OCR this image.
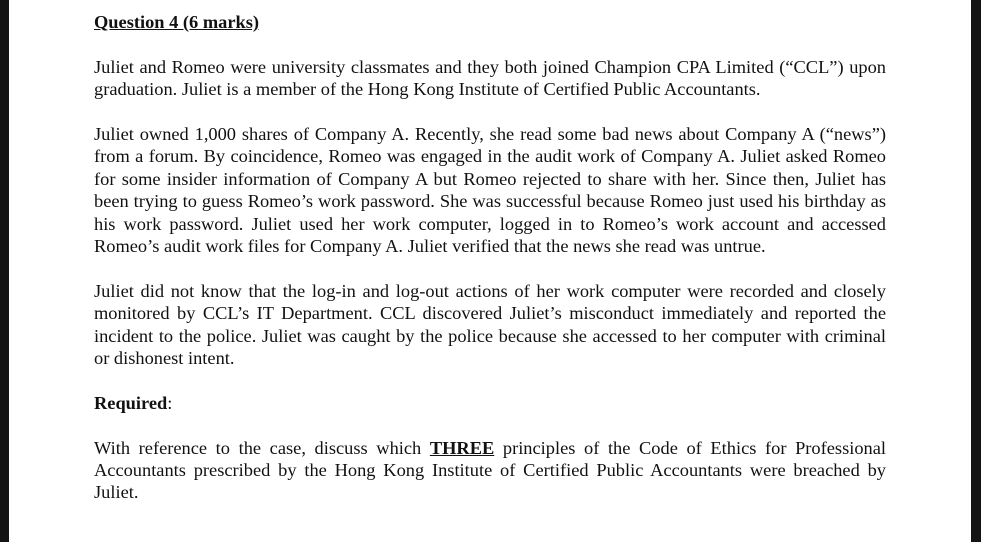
Question 4 (6 marks)

Juliet and Romeo were university classmates and they both joined Champion CPA Limited (“CCL”) upon graduation. Juliet is a member of the Hong Kong Institute of Certified Public Accountants.

Juliet owned 1,000 shares of Company A. Recently, she read some bad news about Company A (“news”) from a forum. By coincidence, Romeo was engaged in the audit work of Company A. Juliet asked Romeo for some insider information of Company A but Romeo rejected to share with her. Since then, Juliet has been trying to guess Romeo’s work password. She was successful because Romeo just used his birthday as his work password. Juliet used her work computer, logged in to Romeo’s work account and accessed Romeo’s audit work files for Company A. Juliet verified that the news she read was untrue.

Juliet did not know that the log-in and log-out actions of her work computer were recorded and closely monitored by CCL’s IT Department. CCL discovered Juliet’s misconduct immediately and reported the incident to the police. Juliet was caught by the police because she accessed to her computer with criminal or dishonest intent.

Required:

With reference to the case, discuss which THREE principles of the Code of Ethics for Professional Accountants prescribed by the Hong Kong Institute of Certified Public Accountants were breached by Juliet.
